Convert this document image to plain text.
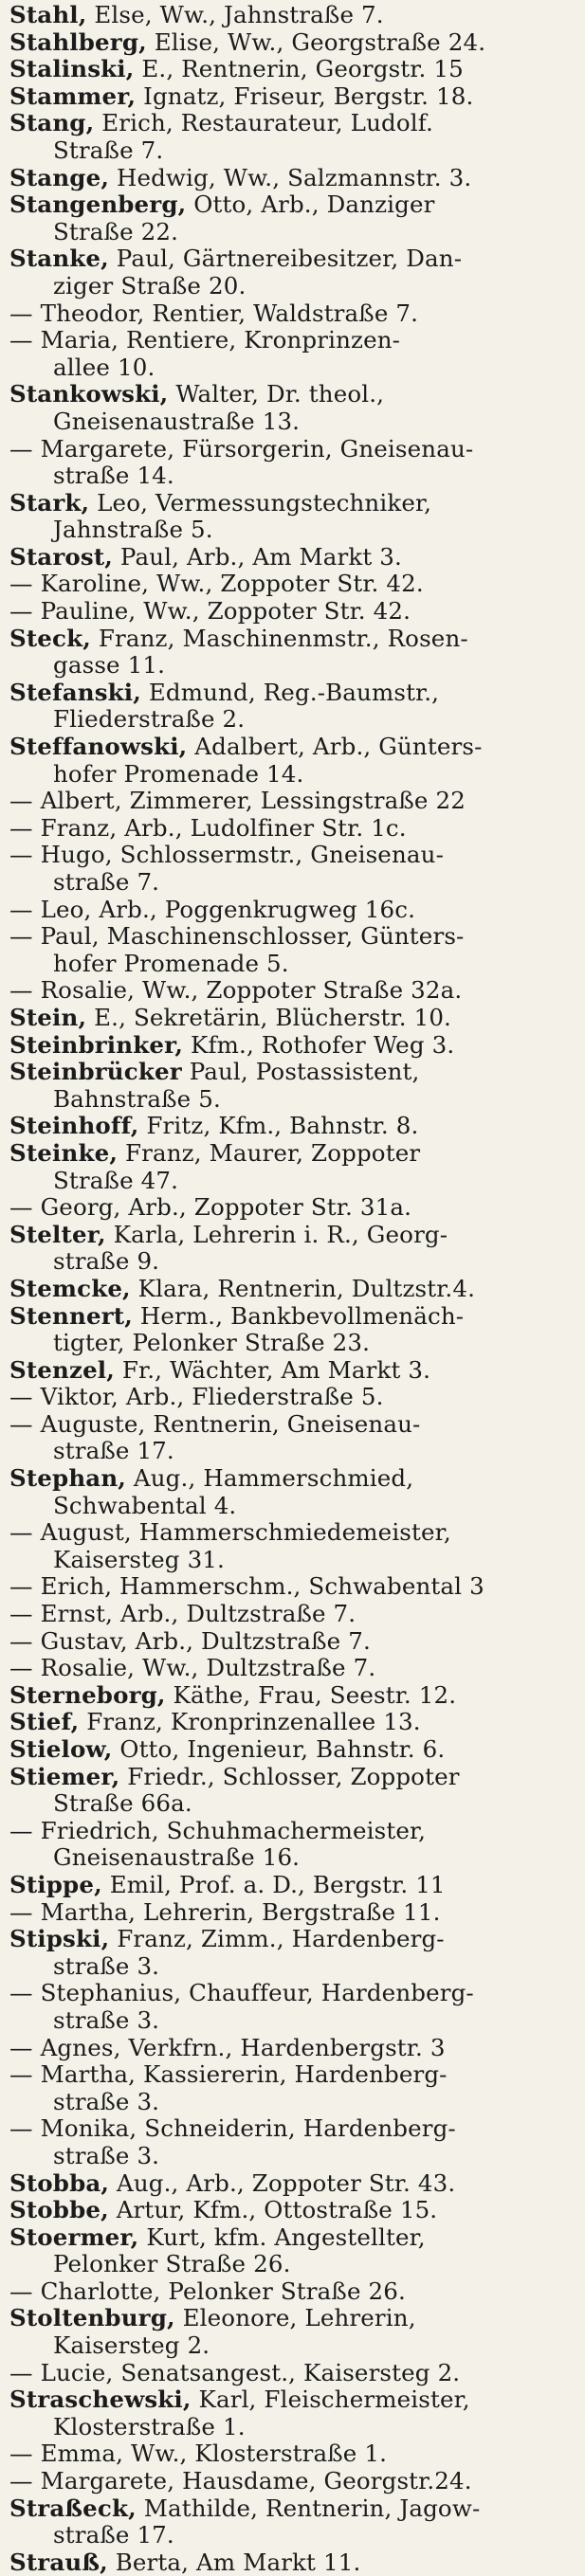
Stahl, Else, Ww., Jahnstraße 7.
Stahlberg, Elise, Ww., Georgstraße 24.
Stalinski, E., Rentnerin, Georgstr. 15
Stammer, Ignatz, Friseur, Bergstr. 18.
Stang, Erich, Restaurateur, Ludolf.
Straße 7.
Stange, Hedwig, Ww., Salzmannstr. 3.
Stangenberg, Otto, Arb., Danziger
Straße 22.
Stanke, Paul, Gärtnereibesitzer, Dan-
ziger Straße 20.
— Theodor, Rentier, Waldstraße 7.
— Maria, Rentiere, Kronprinzen-
allee 10.
Stankowski, Walter, Dr. theol.,
Gneisenaustraße 13.
— Margarete, Fürsorgerin, Gneisenau-
straße 14.
Stark, Leo, Vermessungstechniker,
Jahnstraße 5.
Starost, Paul, Arb., Am Markt 3.
— Karoline, Ww., Zoppoter Str. 42.
— Pauline, Ww., Zoppoter Str. 42.
Steck, Franz, Maschinenmstr., Rosen-
gasse 11.
Stefanski, Edmund, Reg.-Baumstr.,
Fliederstraße 2.
Steffanowski, Adalbert, Arb., Günters-
hofer Promenade 14.
— Albert, Zimmerer, Lessingstraße 22
— Franz, Arb., Ludolfiner Str. 1c.
— Hugo, Schlossermstr., Gneisenau-
straße 7.
— Leo, Arb., Poggenkrugweg 16c.
— Paul, Maschinenschlosser, Günters-
hofer Promenade 5.
— Rosalie, Ww., Zoppoter Straße 32a.
Stein, E., Sekretärin, Blücherstr. 10.
Steinbrinker, Kfm., Rothofer Weg 3.
Steinbrücker Paul, Postassistent,
Bahnstraße 5.
Steinhoff, Fritz, Kfm., Bahnstr. 8.
Steinke, Franz, Maurer, Zoppoter
Straße 47.
— Georg, Arb., Zoppoter Str. 31a.
Stelter, Karla, Lehrerin i. R., Georg-
straße 9.
Stemcke, Klara, Rentnerin, Dultzstr.4.
Stennert, Herm., Bankbevollmenäch-
tigter, Pelonker Straße 23.
Stenzel, Fr., Wächter, Am Markt 3.
— Viktor, Arb., Fliederstraße 5.
— Auguste, Rentnerin, Gneisenau-
straße 17.
Stephan, Aug., Hammerschmied,
Schwabental 4.
— August, Hammerschmiedemeister,
Kaisersteg 31.
— Erich, Hammerschm., Schwabental 3
— Ernst, Arb., Dultzstraße 7.
— Gustav, Arb., Dultzstraße 7.
— Rosalie, Ww., Dultzstraße 7.
Sterneborg, Käthe, Frau, Seestr. 12.
Stief, Franz, Kronprinzenallee 13.
Stielow, Otto, Ingenieur, Bahnstr. 6.
Stiemer, Friedr., Schlosser, Zoppoter
Straße 66a.
— Friedrich, Schuhmachermeister,
Gneisenaustraße 16.
Stippe, Emil, Prof. a. D., Bergstr. 11
— Martha, Lehrerin, Bergstraße 11.
Stipski, Franz, Zimm., Hardenberg-
straße 3.
— Stephanius, Chauffeur, Hardenberg-
straße 3.
— Agnes, Verkfrn., Hardenbergstr. 3
— Martha, Kassiererin, Hardenberg-
straße 3.
— Monika, Schneiderin, Hardenberg-
straße 3.
Stobba, Aug., Arb., Zoppoter Str. 43.
Stobbe, Artur, Kfm., Ottostraße 15.
Stoermer, Kurt, kfm. Angestellter,
Pelonker Straße 26.
— Charlotte, Pelonker Straße 26.
Stoltenburg, Eleonore, Lehrerin,
Kaisersteg 2.
— Lucie, Senatsangest., Kaisersteg 2.
Straschewski, Karl, Fleischermeister,
Klosterstraße 1.
— Emma, Ww., Klosterstraße 1.
— Margarete, Hausdame, Georgstr.24.
Straßeck, Mathilde, Rentnerin, Jagow-
straße 17.
Strauß, Berta, Am Markt 11.
